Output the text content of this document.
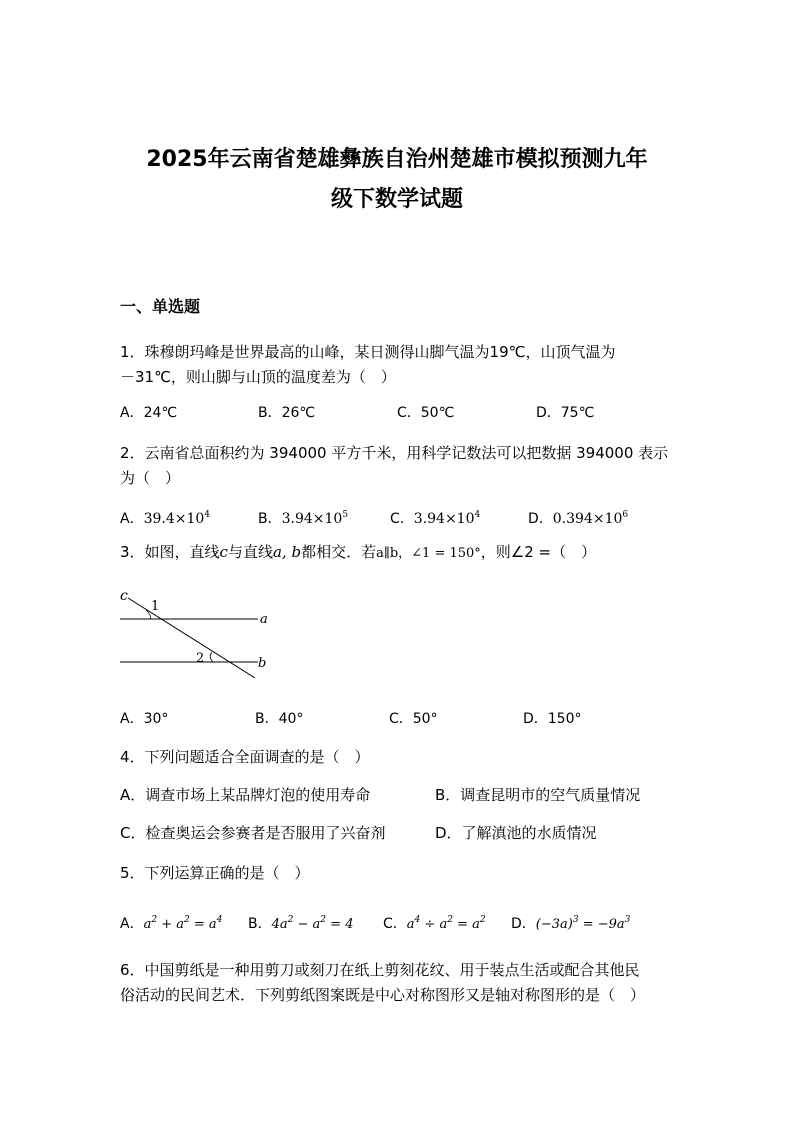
2025年云南省楚雄彝族自治州楚雄市模拟预测九年
级下数学试题
一、单选题
1．珠穆朗玛峰是世界最高的山峰，某日测得山脚气温为19℃，山顶气温为
－31℃，则山脚与山顶的温度差为（　）
A．24℃	B．26℃	C．50℃	D．75℃
2．云南省总面积约为 394000 平方千米，用科学记数法可以把数据 394000 表示
为（　）
A．$39.4\times 10^4$	B．$3.94\times 10^5$	C．$3.94\times 10^4$	D．$0.394\times 10^6$
3．如图，直线c与直线a, b都相交．若a∥b，∠1 = 150°，则∠2 =（　）
c
1
2
a
b
A．30°	B．40°	C．50°	D．150°
4．下列问题适合全面调查的是（　）
A．调查市场上某品牌灯泡的使用寿命	B．调查昆明市的空气质量情况
C．检查奥运会参赛者是否服用了兴奋剂	D．了解滇池的水质情况
5．下列运算正确的是（　）
A．$a^2 + a^2 = a^4$ B．$4a^2 - a^2 = 4$ C．$a^4 \div a^2 = a^2$ D．$(-3a)^3 = -9a^3$
6．中国剪纸是一种用剪刀或刻刀在纸上剪刻花纹、用于装点生活或配合其他民
俗活动的民间艺术．下列剪纸图案既是中心对称图形又是轴对称图形的是（　）
